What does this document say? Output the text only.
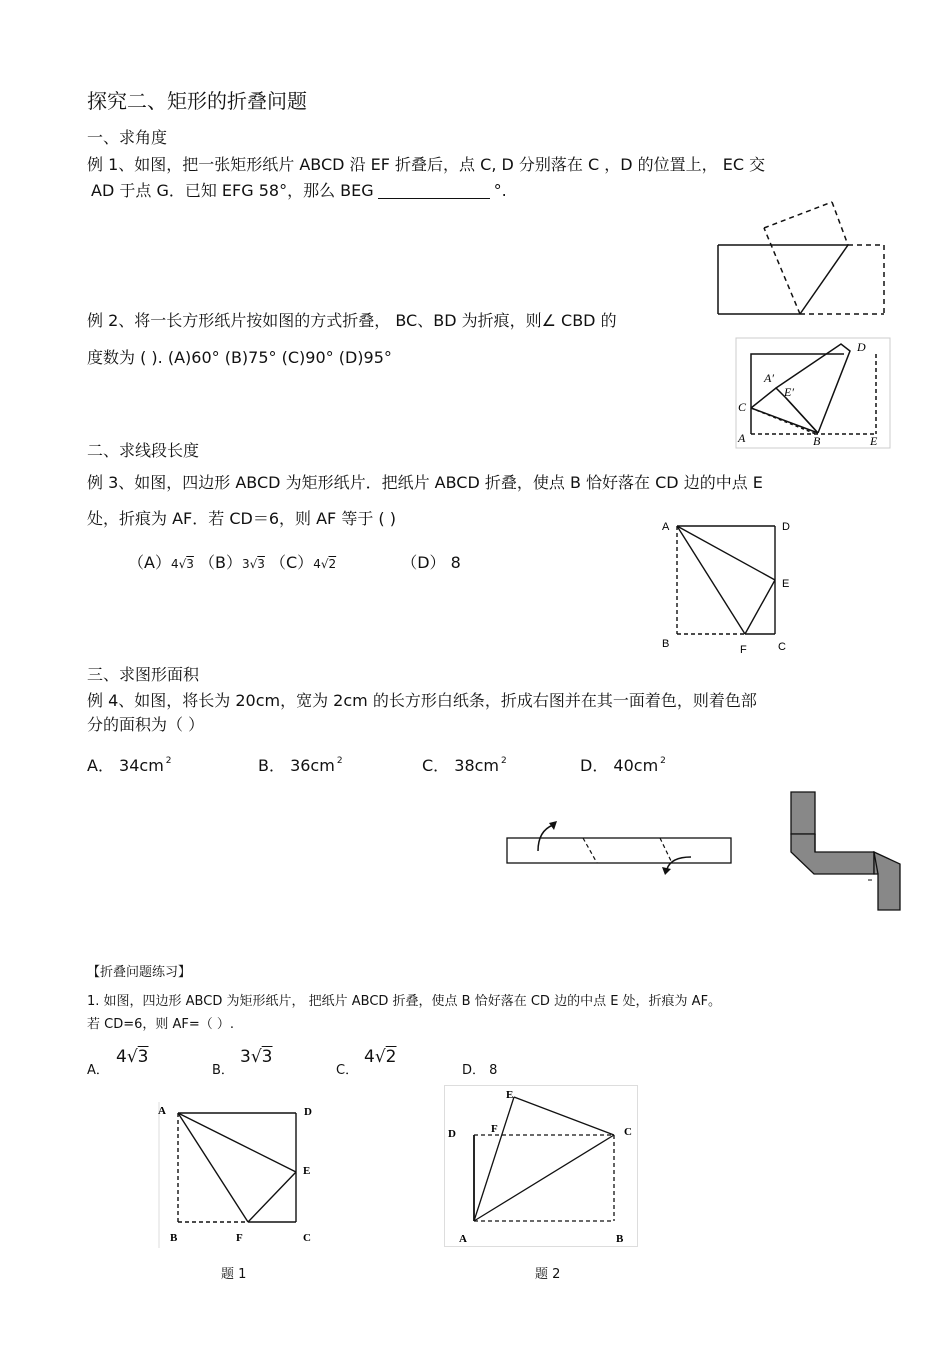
探究二、矩形的折叠问题
一、求角度
例 1、如图，把一张矩形纸片 ABCD 沿 EF 折叠后，点 C, D 分别落在 C ，D 的位置上， EC 交
AD 于点 G．已知 EFG 58°，那么 BEG	°.
例 2、将一长方形纸片按如图的方式折叠， BC、BD 为折痕，则∠ CBD 的
度数为 ( ). (A)60° (B)75° (C)90° (D)95°
D
A′
E′
C
A	B	E
二、求线段长度
例 3、如图，四边形 ABCD 为矩形纸片．把纸片 ABCD 折叠，使点 B 恰好落在 CD 边的中点 E
处，折痕为 AF．若 CD＝6，则 AF 等于 ( )
（A）4√3 （B）3√3 （C）4√2	（D） 8
A	D
E
B	F	C
三、求图形面积
例 4、如图，将长为 20cm，宽为 2cm 的长方形白纸条，折成右图并在其一面着色，则着色部
分的面积为（ ）
A． 34cm $^2$	B． 36cm $^2$	C． 38cm $^2$	D． 40cm $^2$
【折叠问题练习】
1. 如图，四边形 ABCD 为矩形纸片， 把纸片 ABCD 折叠，使点 B 恰好落在 CD 边的中点 E 处，折痕为 AF。
若 CD=6，则 AF=（ ）.
A．
4√3
B．
3√3
C．
4√2
D． 8
A	D
E
B	F	C
E
D	F	C
A	B
题 1	题 2
